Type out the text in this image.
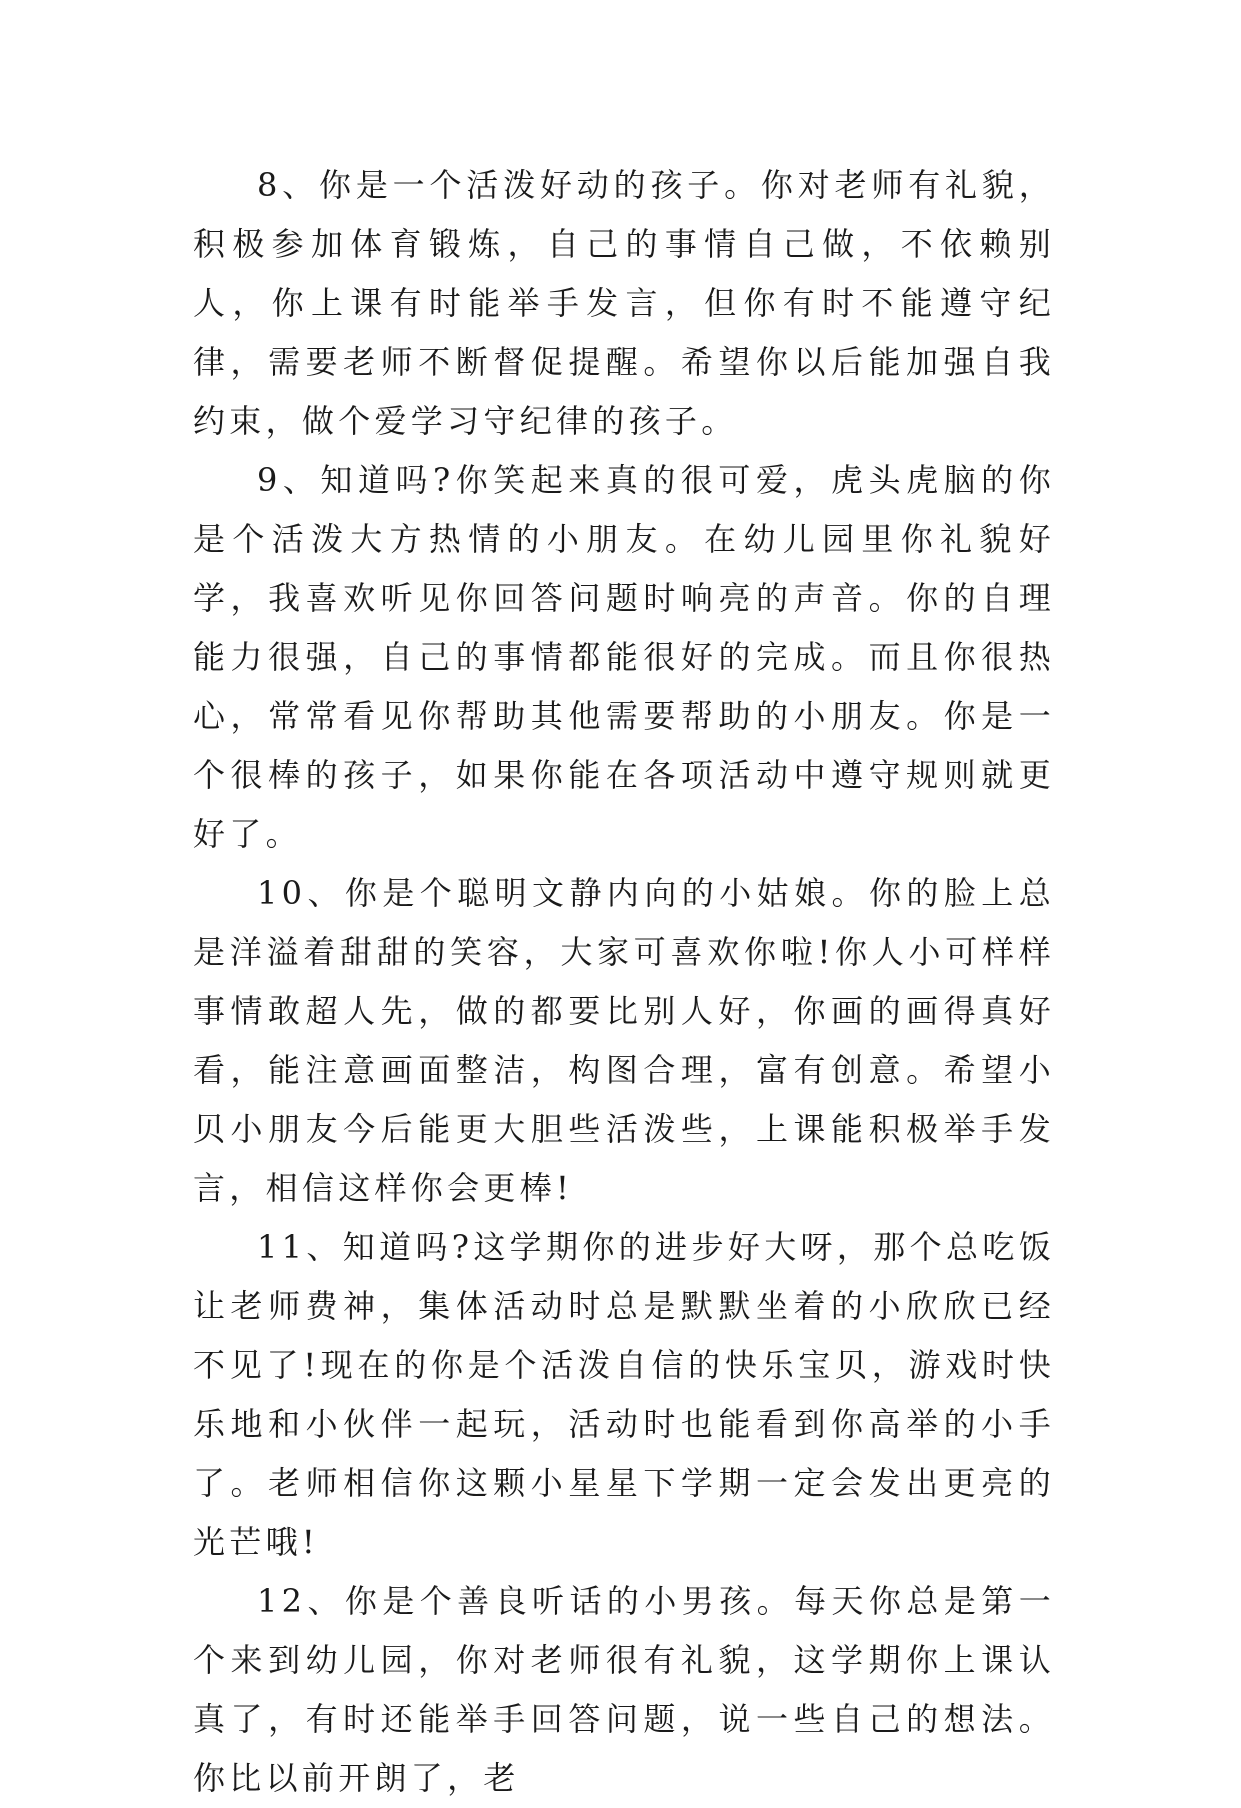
8、你是一个活泼好动的孩子。你对老师有礼貌，积极参加体育锻炼，自己的事情自己做，不依赖别人，你上课有时能举手发言，但你有时不能遵守纪律，需要老师不断督促提醒。希望你以后能加强自我约束，做个爱学习守纪律的孩子。

9、知道吗?你笑起来真的很可爱，虎头虎脑的你是个活泼大方热情的小朋友。在幼儿园里你礼貌好学，我喜欢听见你回答问题时响亮的声音。你的自理能力很强，自己的事情都能很好的完成。而且你很热心，常常看见你帮助其他需要帮助的小朋友。你是一个很棒的孩子，如果你能在各项活动中遵守规则就更好了。

10、你是个聪明文静内向的小姑娘。你的脸上总是洋溢着甜甜的笑容，大家可喜欢你啦!你人小可样样事情敢超人先，做的都要比别人好，你画的画得真好看，能注意画面整洁，构图合理，富有创意。希望小贝小朋友今后能更大胆些活泼些，上课能积极举手发言，相信这样你会更棒!

11、知道吗?这学期你的进步好大呀，那个总吃饭让老师费神，集体活动时总是默默坐着的小欣欣已经不见了!现在的你是个活泼自信的快乐宝贝，游戏时快乐地和小伙伴一起玩，活动时也能看到你高举的小手了。老师相信你这颗小星星下学期一定会发出更亮的光芒哦!

12、你是个善良听话的小男孩。每天你总是第一个来到幼儿园，你对老师很有礼貌，这学期你上课认真了，有时还能举手回答问题，说一些自己的想法。你比以前开朗了，老
